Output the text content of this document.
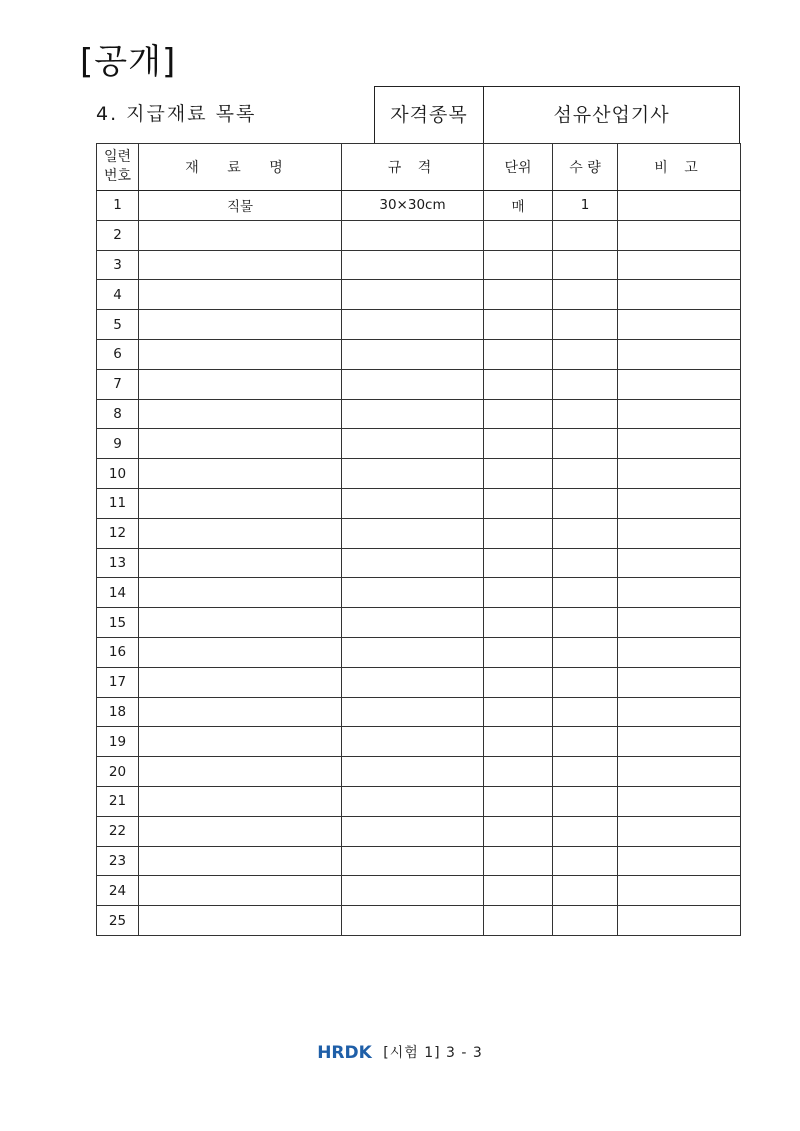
[공개]
4. 지급재료 목록	자격종목	섬유산업기사
일련
번호	재 료 명	규 격	단위	수 량	비 고
1	직물	30×30cm	매	1	
2					
3					
4					
5					
6					
7					
8					
9					
10					
11					
12					
13					
14					
15					
16					
17					
18					
19					
20					
21					
22					
23					
24					
25					
HRDK [시험 1] 3 - 3
